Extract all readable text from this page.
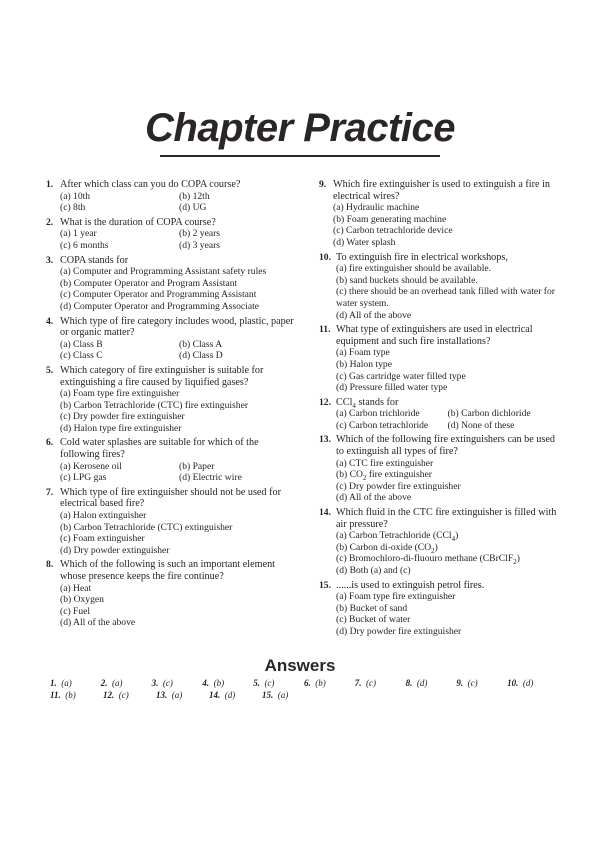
Chapter Practice
1. After which class can you do COPA course?
(a) 10th	(b) 12th
(c) 8th	(d) UG
2. What is the duration of COPA course?
(a) 1 year	(b) 2 years
(c) 6 months	(d) 3 years
3. COPA stands for
(a) Computer and Programming Assistant safety rules
(b) Computer Operator and Program Assistant
(c) Computer Operator and Programming Assistant
(d) Computer Operator and Programming Associate
4. Which type of fire category includes wood, plastic, paper or organic matter?
(a) Class B	(b) Class A
(c) Class C	(d) Class D
5. Which category of fire extinguisher is suitable for extinguishing a fire caused by liquified gases?
(a) Foam type fire extinguisher
(b) Carbon Tetrachloride (CTC) fire extinguisher
(c) Dry powder fire extinguisher
(d) Halon type fire extinguisher
6. Cold water splashes are suitable for which of the following fires?
(a) Kerosene oil	(b) Paper
(c) LPG gas	(d) Electric wire
7. Which type of fire extinguisher should not be used for electrical based fire?
(a) Halon extinguisher
(b) Carbon Tetrachloride (CTC) extinguisher
(c) Foam extinguisher
(d) Dry powder extinguisher
8. Which of the following is such an important element whose presence keeps the fire continue?
(a) Heat
(b) Oxygen
(c) Fuel
(d) All of the above
9. Which fire extinguisher is used to extinguish a fire in electrical wires?
(a) Hydraulic machine
(b) Foam generating machine
(c) Carbon tetrachloride device
(d) Water splash
10. To extinguish fire in electrical workshops,
(a) fire extinguisher should be available.
(b) sand buckets should be available.
(c) there should be an overhead tank filled with water for water system.
(d) All of the above
11. What type of extinguishers are used in electrical equipment and such fire installations?
(a) Foam type
(b) Halon type
(c) Gas cartridge water filled type
(d) Pressure filled water type
12. CCl$_4$ stands for
(a) Carbon trichloride	(b) Carbon dichloride
(c) Carbon tetrachloride	(d) None of these
13. Which of the following fire extinguishers can be used to extinguish all types of fire?
(a) CTC fire extinguisher
(b) $CO_2$ fire extinguisher
(c) Dry powder fire extinguisher
(d) All of the above
14. Which fluid in the CTC fire extinguisher is filled with air pressure?
(a) Carbon Tetrachloride (CCl$_4$)
(b) Carbon di-oxide $(CO_2)$
(c) Bromochloro-di-fluouro methane (CBrClF$_2$)
(d) Both (a) and (c)
15. ......is used to extinguish petrol fires.
(a) Foam type fire extinguisher
(b) Bucket of sand
(c) Bucket of water
(d) Dry powder fire extinguisher
Answers
1. (a)	2. (a)	3. (c)	4. (b)	5. (c)	6. (b)	7. (c)	8. (d)	9. (c)	10. (d)
11. (b)	12. (c)	13. (a)	14. (d)	15. (a)
